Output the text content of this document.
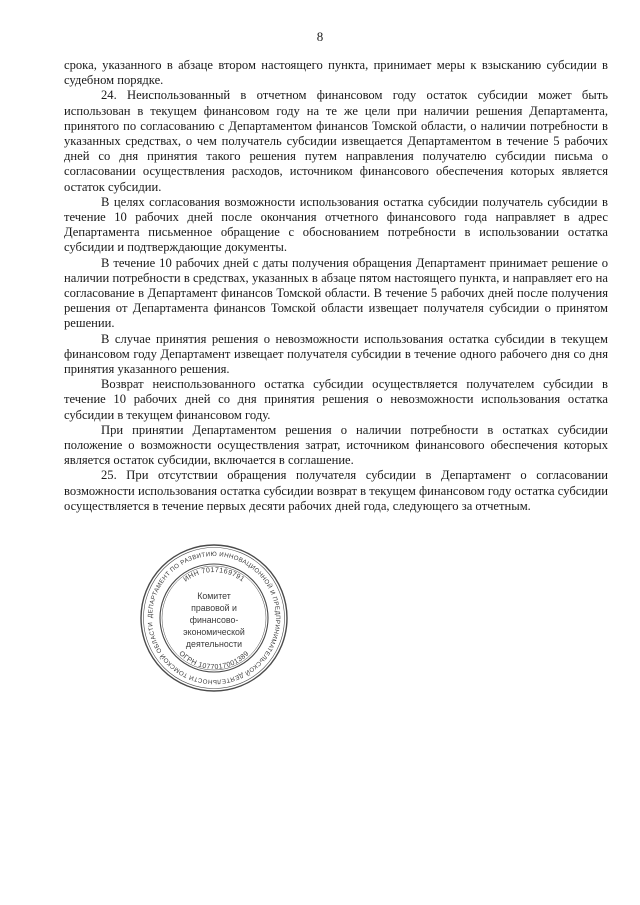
8

срока, указанного в абзаце втором настоящего пункта, принимает меры к взысканию субсидии в судебном порядке.

24. Неиспользованный в отчетном финансовом году остаток субсидии может быть использован в текущем финансовом году на те же цели при наличии решения Департамента, принятого по согласованию с Департаментом финансов Томской области, о наличии потребности в указанных средствах, о чем получатель субсидии извещается Департаментом в течение 5 рабочих дней со дня принятия такого решения путем направления получателю субсидии письма о согласовании осуществления расходов, источником финансового обеспечения которых является остаток субсидии.

В целях согласования возможности использования остатка субсидии получатель субсидии в течение 10 рабочих дней после окончания отчетного финансового года направляет в адрес Департамента письменное обращение с обоснованием потребности в использовании остатка субсидии и подтверждающие документы.

В течение 10 рабочих дней с даты получения обращения Департамент принимает решение о наличии потребности в средствах, указанных в абзаце пятом настоящего пункта, и направляет его на согласование в Департамент финансов Томской области. В течение 5 рабочих дней после получения решения от Департамента финансов Томской области извещает получателя субсидии о принятом решении.

В случае принятия решения о невозможности использования остатка субсидии в текущем финансовом году Департамент извещает получателя субсидии в течение одного рабочего дня со дня принятия указанного решения.

Возврат неиспользованного остатка субсидии осуществляется получателем субсидии в течение 10 рабочих дней со дня принятия решения о невозможности использования остатка субсидии в текущем финансовом году.

При принятии Департаментом решения о наличии потребности в остатках субсидии положение о возможности осуществления затрат, источником финансового обеспечения которых является остаток субсидии, включается в соглашение.

25. При отсутствии обращения получателя субсидии в Департамент о согласовании возможности использования остатка субсидии возврат в текущем финансовом году остатка субсидии осуществляется в течение первых десяти рабочих дней года, следующего за отчетным.

ДЕПАРТАМЕНТ ПО РАЗВИТИЮ ИННОВАЦИОННОЙ И ПРЕДПРИНИМАТЕЛЬСКОЙ ДЕЯТЕЛЬНОСТИ ТОМСКОЙ ОБЛАСТИ
ИНН 7017169791
ОГРН 1077017001389
Комитет
правовой и
финансово-
экономической
деятельности
